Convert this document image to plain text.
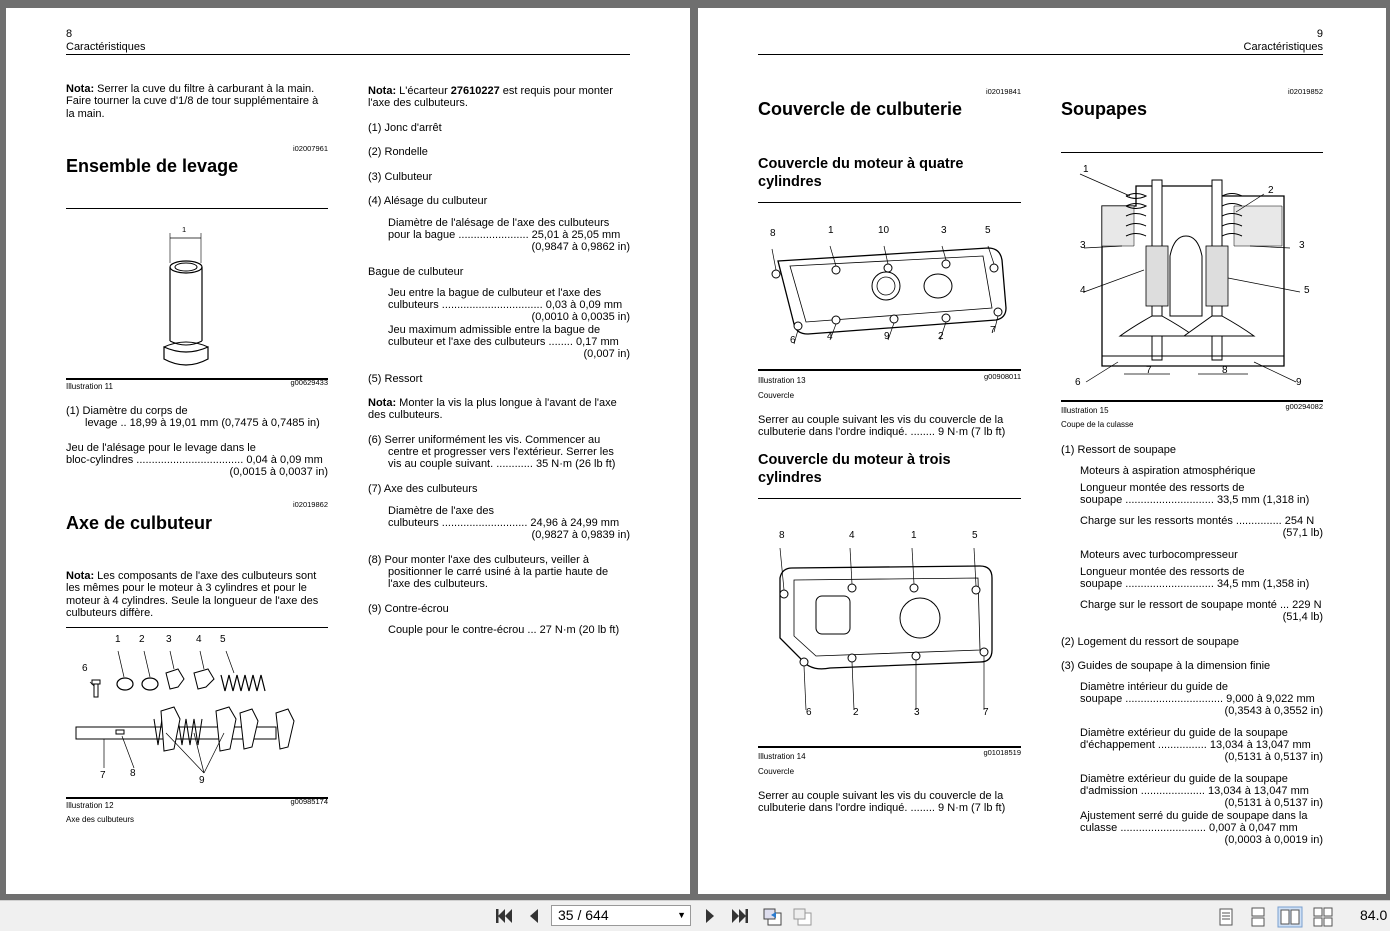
8
Caractéristiques
Nota: Serrer la cuve du filtre à carburant à la main.
Faire tourner la cuve d'1/8 de tour supplémentaire à
la main.
i02007961
Ensemble de levage
1
Illustration 11	g00629433
(1) Diamètre du corps de
levage .. 18,99 à 19,01 mm (0,7475 à 0,7485 in)
Jeu de l'alésage pour le levage dans le
bloc-cylindres ................................... 0,04 à 0,09 mm
(0,0015 à 0,0037 in)
i02019862
Axe de culbuteur
Nota: Les composants de l'axe des culbuteurs sont
les mêmes pour le moteur à 3 cylindres et pour le
moteur à 4 cylindres. Seule la longueur de l'axe des
culbuteurs diffère.
1 2 3 4 5
6
7 8
9
Illustration 12	g00985174
Axe des culbuteurs
Nota: L'écarteur 27610227 est requis pour monter
l'axe des culbuteurs.
(1) Jonc d'arrêt
(2) Rondelle
(3) Culbuteur
(4) Alésage du culbuteur
Diamètre de l'alésage de l'axe des culbuteurs
pour la bague ....................... 25,01 à 25,05 mm
(0,9847 à 0,9862 in)
Bague de culbuteur
Jeu entre la bague de culbuteur et l'axe des
culbuteurs ................................. 0,03 à 0,09 mm
(0,0010 à 0,0035 in)
Jeu maximum admissible entre la bague de
culbuteur et l'axe des culbuteurs ........ 0,17 mm
(0,007 in)
(5) Ressort
Nota: Monter la vis la plus longue à l'avant de l'axe
des culbuteurs.
(6) Serrer uniformément les vis. Commencer au
centre et progresser vers l'extérieur. Serrer les
vis au couple suivant. ............ 35 N·m (26 lb ft)
(7) Axe des culbuteurs
Diamètre de l'axe des
culbuteurs ............................ 24,96 à 24,99 mm
(0,9827 à 0,9839 in)
(8) Pour monter l'axe des culbuteurs, veiller à
positionner le carré usiné à la partie haute de
l'axe des culbuteurs.
(9) Contre-écrou
Couple pour le contre-écrou ... 27 N·m (20 lb ft)
9
Caractéristiques
i02019841
Couvercle de culbuterie
Couvercle du moteur à quatre
cylindres
8	1	10	3	5
6	4	9	2
7
Illustration 13	g00908011
Couvercle
Serrer au couple suivant les vis du couvercle de la
culbuterie dans l'ordre indiqué. ........ 9 N·m (7 lb ft)
Couvercle du moteur à trois
cylindres
8	4	1	5
6	2	3	7
Illustration 14	g01018519
Couvercle
Serrer au couple suivant les vis du couvercle de la
culbuterie dans l'ordre indiqué. ........ 9 N·m (7 lb ft)
i02019852
Soupapes
1
2
3	3
4	5
6
7	8
9
Illustration 15	g00294082
Coupe de la culasse
(1) Ressort de soupape
Moteurs à aspiration atmosphérique
Longueur montée des ressorts de
soupape ............................. 33,5 mm (1,318 in)
Charge sur les ressorts montés ............... 254 N
(57,1 lb)
Moteurs avec turbocompresseur
Longueur montée des ressorts de
soupape ............................. 34,5 mm (1,358 in)
Charge sur le ressort de soupape monté ... 229 N
(51,4 lb)
(2) Logement du ressort de soupape
(3) Guides de soupape à la dimension finie
Diamètre intérieur du guide de
soupape ................................ 9,000 à 9,022 mm
(0,3543 à 0,3552 in)
Diamètre extérieur du guide de la soupape
d'échappement ................ 13,034 à 13,047 mm
(0,5131 à 0,5137 in)
Diamètre extérieur du guide de la soupape
d'admission ..................... 13,034 à 13,047 mm
(0,5131 à 0,5137 in)
Ajustement serré du guide de soupape dans la
culasse ............................ 0,007 à 0,047 mm
(0,0003 à 0,0019 in)
35 / 644	▼	84.0
